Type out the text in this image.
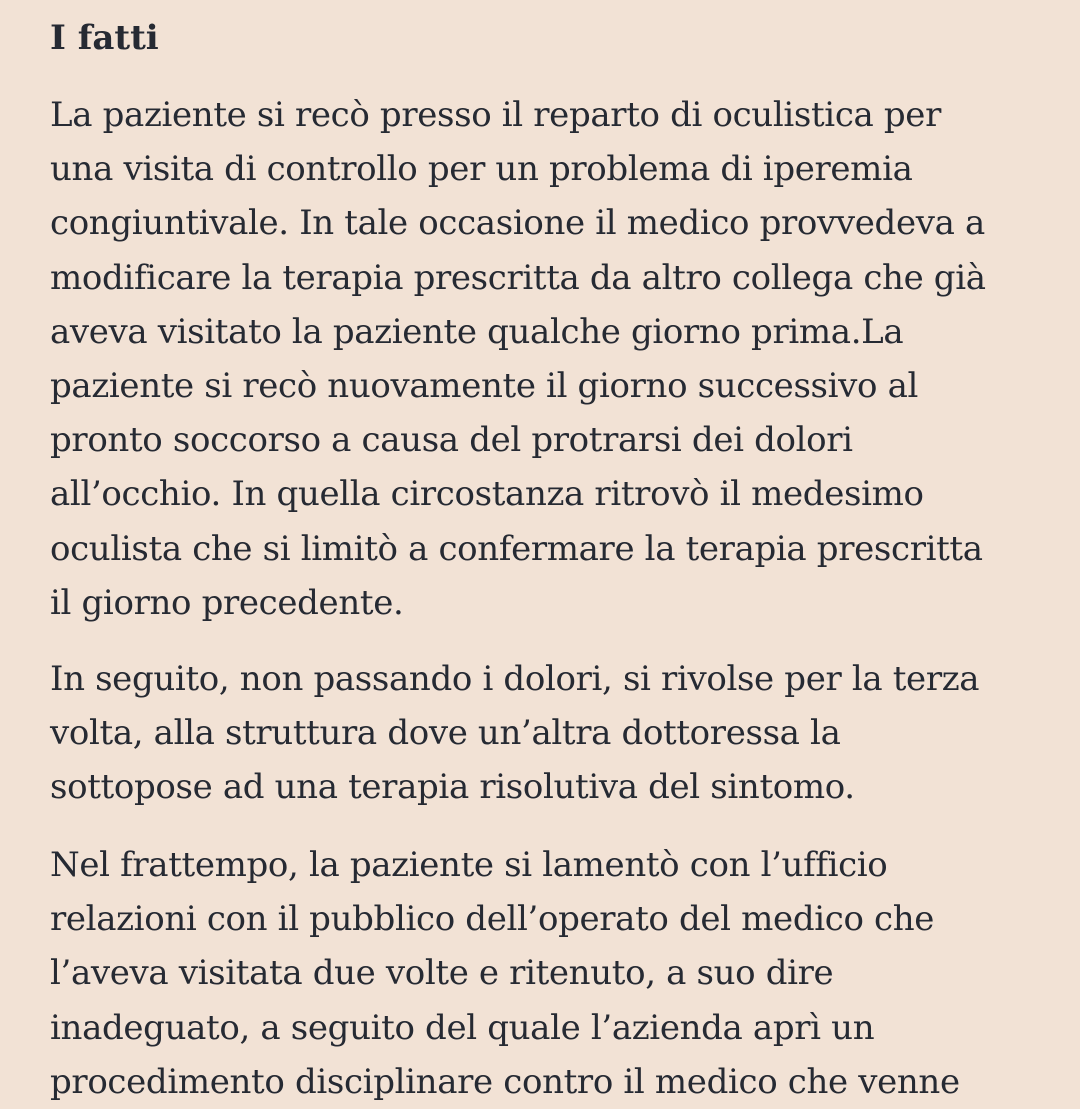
I fatti

La paziente si recò presso il reparto di oculistica per
una visita di controllo per un problema di iperemia
congiuntivale. In tale occasione il medico provvedeva a
modificare la terapia prescritta da altro collega che già
aveva visitato la paziente qualche giorno prima.La
paziente si recò nuovamente il giorno successivo al
pronto soccorso a causa del protrarsi dei dolori
all’occhio. In quella circostanza ritrovò il medesimo
oculista che si limitò a confermare la terapia prescritta
il giorno precedente.

In seguito, non passando i dolori, si rivolse per la terza
volta, alla struttura dove un’altra dottoressa la
sottopose ad una terapia risolutiva del sintomo.

Nel frattempo, la paziente si lamentò con l’ufficio
relazioni con il pubblico dell’operato del medico che
l’aveva visitata due volte e ritenuto, a suo dire
inadeguato, a seguito del quale l’azienda aprì un
procedimento disciplinare contro il medico che venne
